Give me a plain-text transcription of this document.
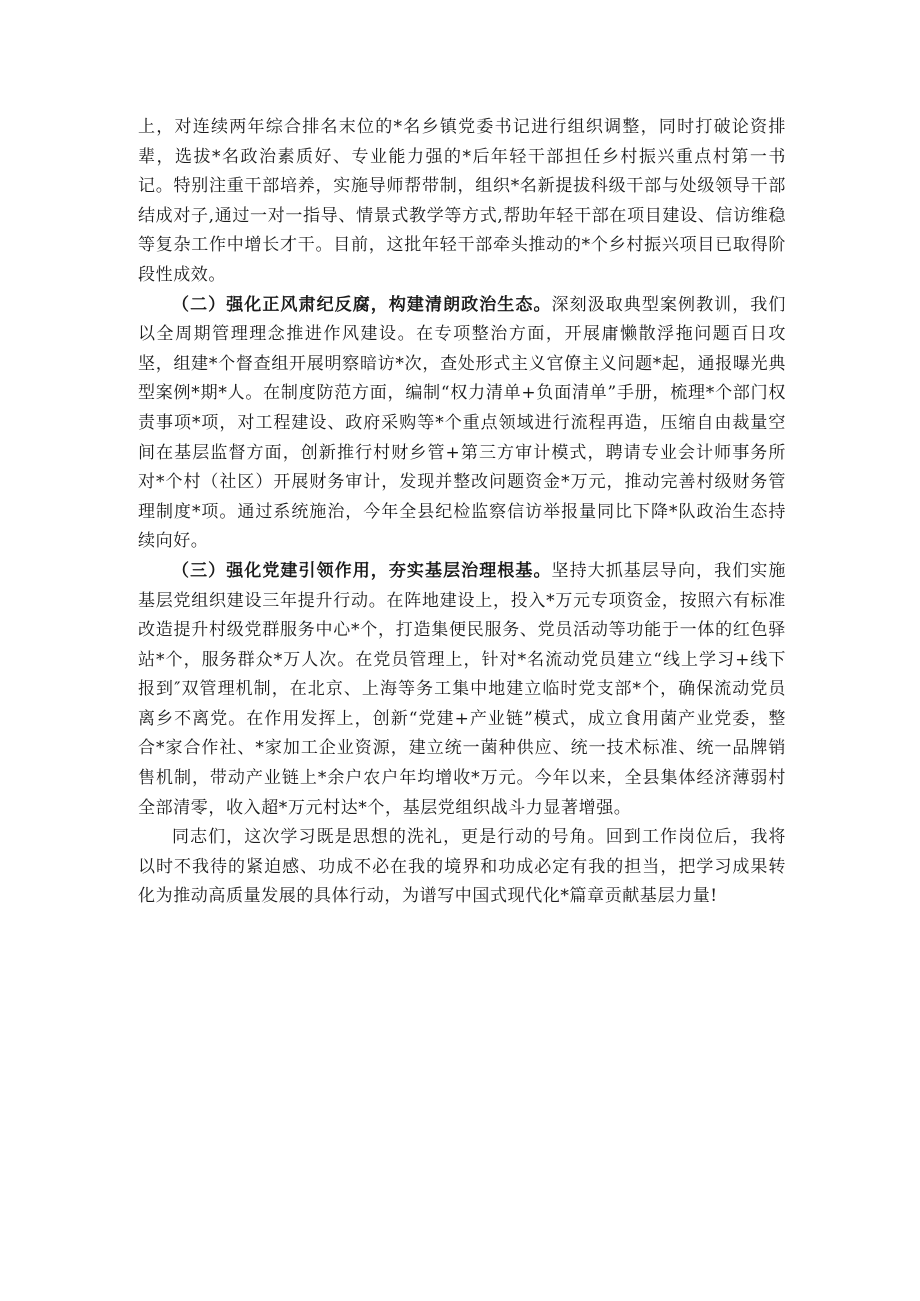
上，对连续两年综合排名末位的*名乡镇党委书记进行组织调整，同时打破论资排辈，选拔*名政治素质好、专业能力强的*后年轻干部担任乡村振兴重点村第一书记。特别注重干部培养，实施导师帮带制，组织*名新提拔科级干部与处级领导干部结成对子,通过一对一指导、情景式教学等方式,帮助年轻干部在项目建设、信访维稳等复杂工作中增长才干。目前，这批年轻干部牵头推动的*个乡村振兴项目已取得阶段性成效。

（二）强化正风肃纪反腐，构建清朗政治生态。深刻汲取典型案例教训，我们以全周期管理理念推进作风建设。在专项整治方面，开展庸懒散浮拖问题百日攻坚，组建*个督查组开展明察暗访*次，查处形式主义官僚主义问题*起，通报曝光典型案例*期*人。在制度防范方面，编制“权力清单+负面清单”手册，梳理*个部门权责事项*项，对工程建设、政府采购等*个重点领域进行流程再造，压缩自由裁量空间在基层监督方面，创新推行村财乡管+第三方审计模式，聘请专业会计师事务所对*个村（社区）开展财务审计，发现并整改问题资金*万元，推动完善村级财务管理制度*项。通过系统施治，今年全县纪检监察信访举报量同比下降*队政治生态持续向好。

（三）强化党建引领作用，夯实基层治理根基。坚持大抓基层导向，我们实施基层党组织建设三年提升行动。在阵地建设上，投入*万元专项资金，按照六有标准改造提升村级党群服务中心*个，打造集便民服务、党员活动等功能于一体的红色驿站*个，服务群众*万人次。在党员管理上，针对*名流动党员建立“线上学习+线下报到″双管理机制，在北京、上海等务工集中地建立临时党支部*个，确保流动党员离乡不离党。在作用发挥上，创新“党建+产业链”模式，成立食用菌产业党委，整合*家合作社、*家加工企业资源，建立统一菌种供应、统一技术标准、统一品牌销售机制，带动产业链上*余户农户年均增收*万元。今年以来，全县集体经济薄弱村全部清零，收入超*万元村达*个，基层党组织战斗力显著增强。

同志们，这次学习既是思想的洗礼，更是行动的号角。回到工作岗位后，我将以时不我待的紧迫感、功成不必在我的境界和功成必定有我的担当，把学习成果转化为推动高质量发展的具体行动，为谱写中国式现代化*篇章贡献基层力量!
